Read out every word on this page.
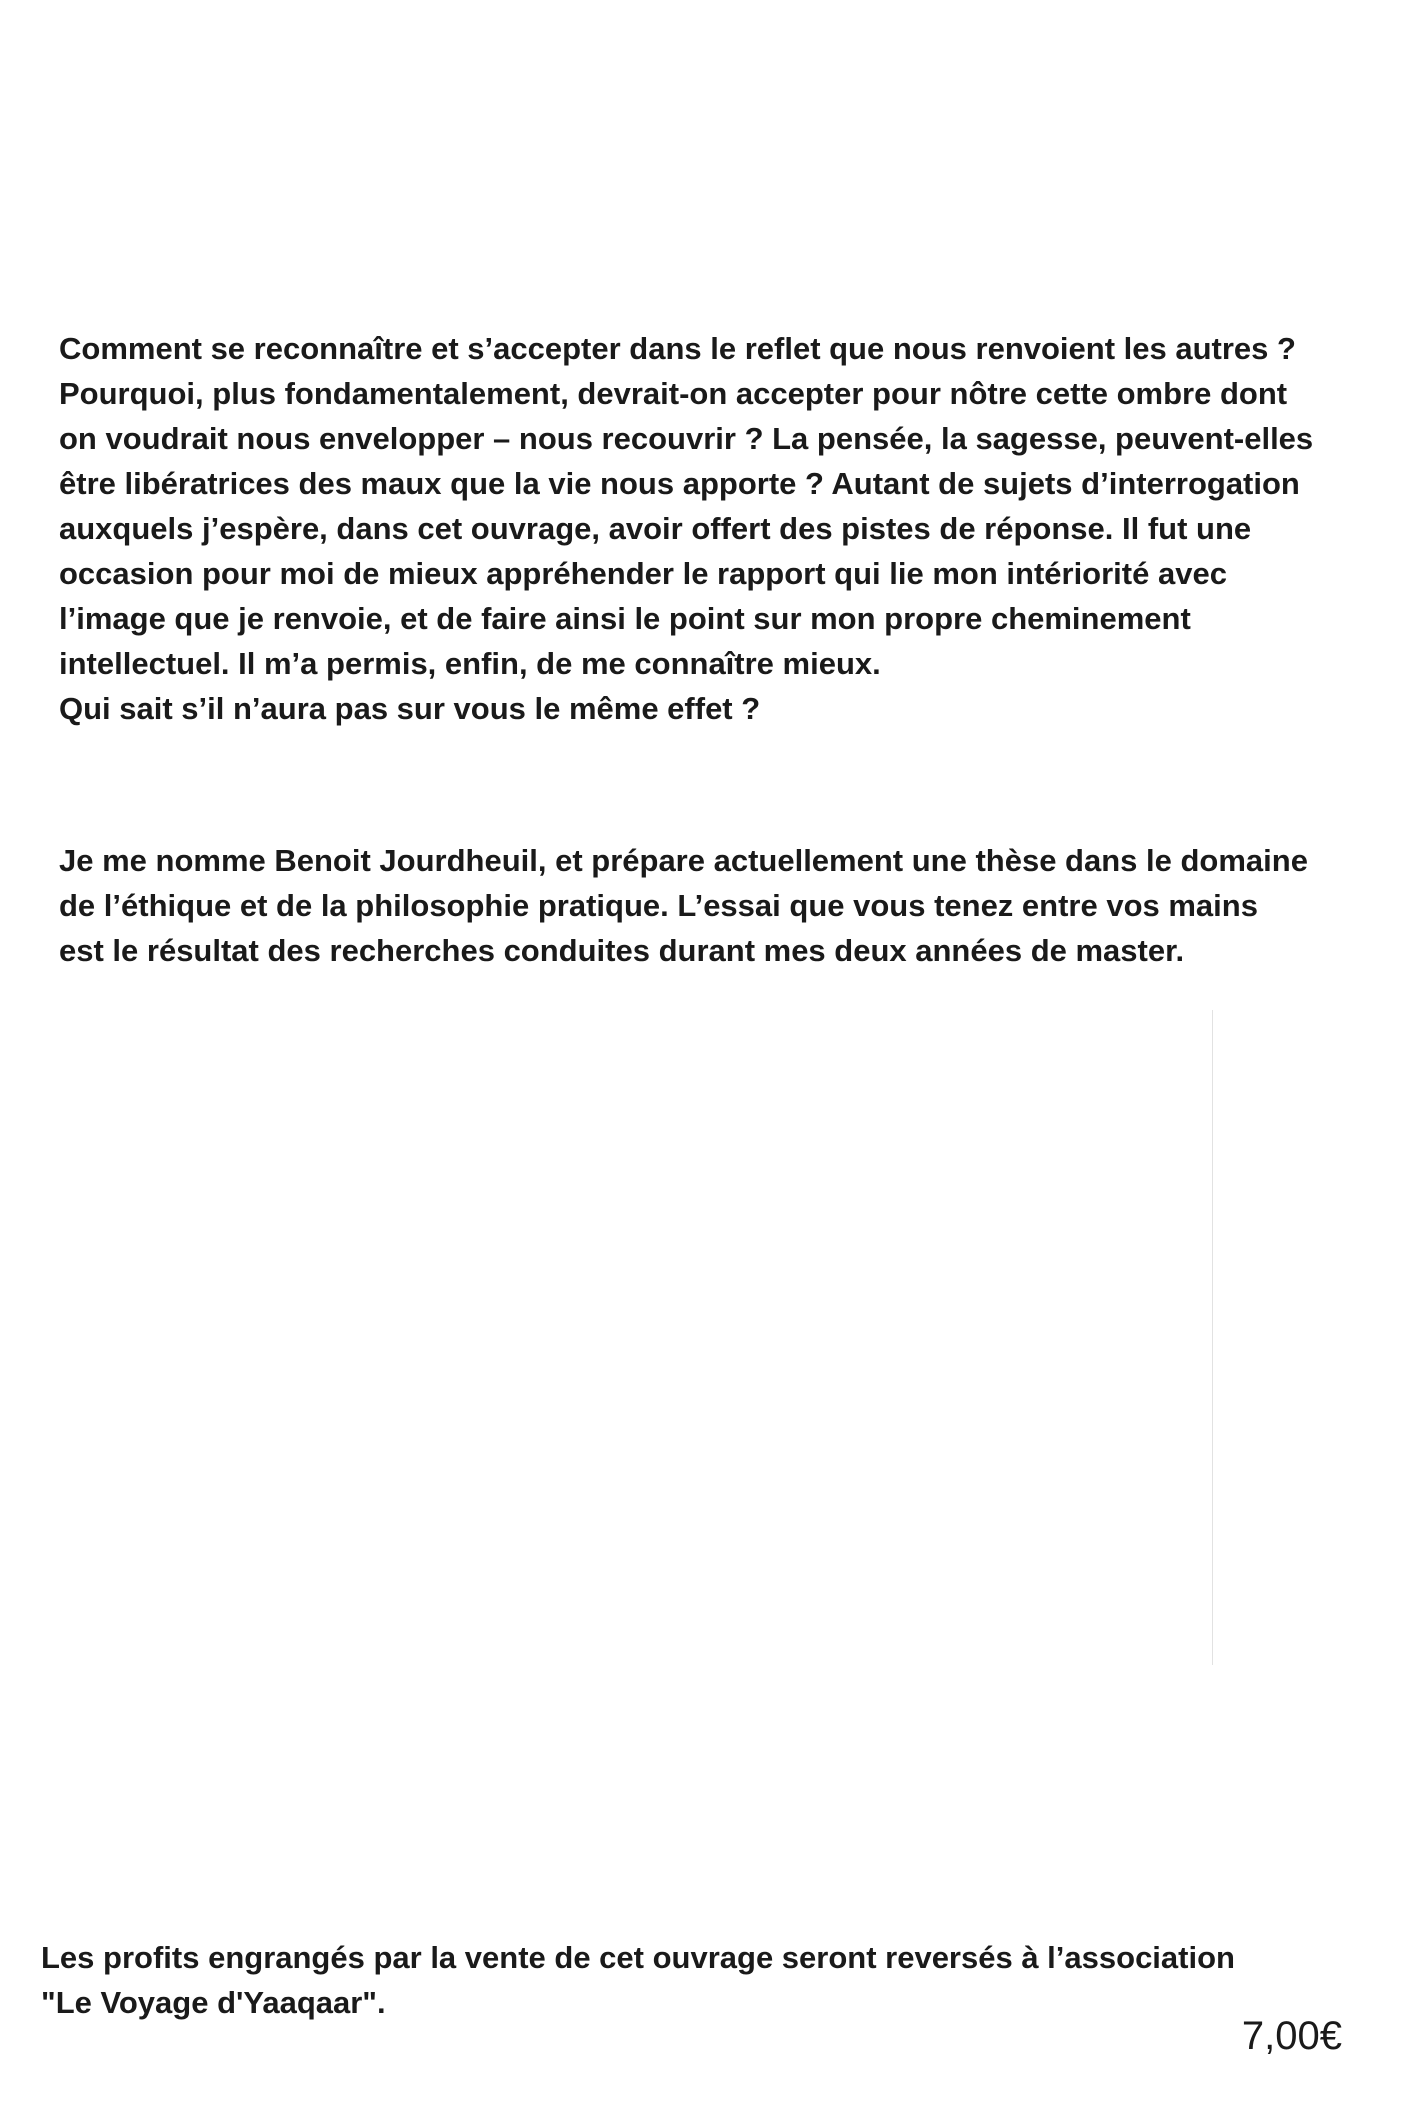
Comment se reconnaître et s’accepter dans le reflet que nous renvoient les autres ?
Pourquoi, plus fondamentalement, devrait-on accepter pour nôtre cette ombre dont
on voudrait nous envelopper – nous recouvrir ? La pensée, la sagesse, peuvent-elles
être libératrices des maux que la vie nous apporte ? Autant de sujets d’interrogation
auxquels j’espère, dans cet ouvrage, avoir offert des pistes de réponse. Il fut une
occasion pour moi de mieux appréhender le rapport qui lie mon intériorité avec
l’image que je renvoie, et de faire ainsi le point sur mon propre cheminement
intellectuel. Il m’a permis, enfin, de me connaître mieux.
Qui sait s’il n’aura pas sur vous le même effet ?

Je me nomme Benoit Jourdheuil, et prépare actuellement une thèse dans le domaine
de l’éthique et de la philosophie pratique. L’essai que vous tenez entre vos mains
est le résultat des recherches conduites durant mes deux années de master.

Les profits engrangés par la vente de cet ouvrage seront reversés à l’association
"Le Voyage d'Yaaqaar".

7,00€
